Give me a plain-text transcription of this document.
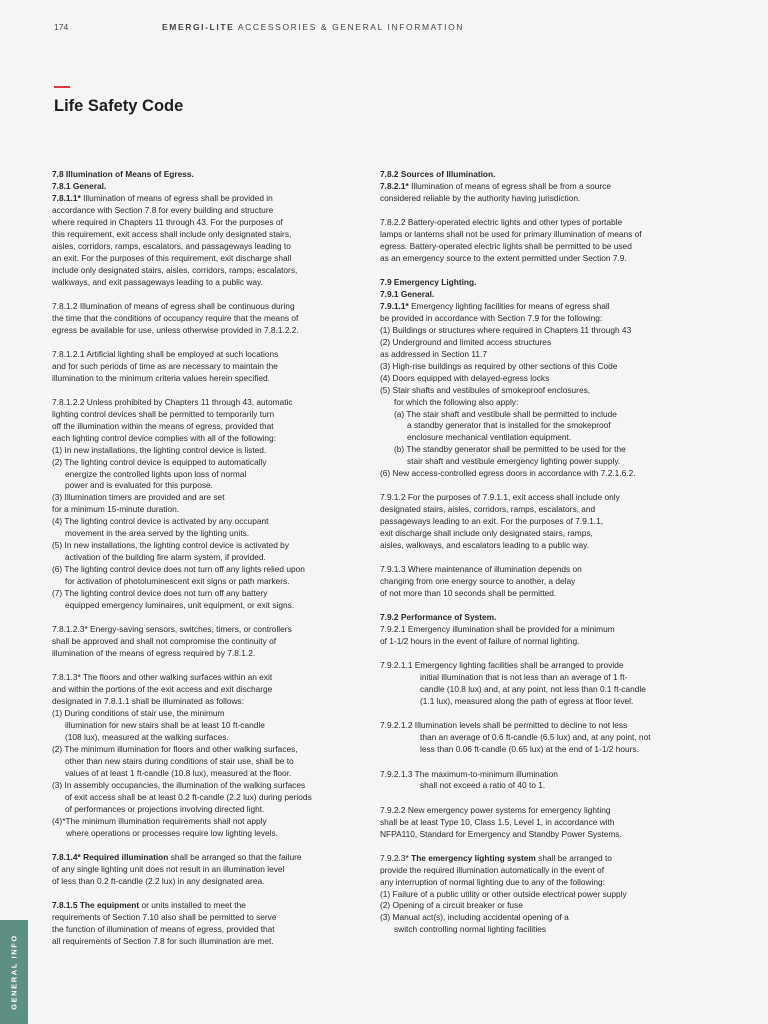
174	EMERGI-LITE ACCESSORIES & GENERAL INFORMATION
Life Safety Code
7.8 Illumination of Means of Egress.
7.8.1 General.
7.8.1.1* Illumination of means of egress shall be provided in
accordance with Section 7.8 for every building and structure
where required in Chapters 11 through 43. For the purposes of
this requirement, exit access shall include only designated stairs,
aisles, corridors, ramps, escalators, and passageways leading to
an exit. For the purposes of this requirement, exit discharge shall
include only designated stairs, aisles, corridors, ramps, escalators,
walkways, and exit passageways leading to a public way.
7.8.1.2 Illumination of means of egress shall be continuous during
the time that the conditions of occupancy require that the means of
egress be available for use, unless otherwise provided in 7.8.1.2.2.
7.8.1.2.1 Artificial lighting shall be employed at such locations
and for such periods of time as are necessary to maintain the
illumination to the minimum criteria values herein specified.
7.8.1.2.2 Unless prohibited by Chapters 11 through 43, automatic
lighting control devices shall be permitted to temporarily turn
off the illumination within the means of egress, provided that
each lighting control device complies with all of the following:
(1) In new installations, the lighting control device is listed.
(2) The lighting control device is equipped to automatically
energize the controlled lights upon loss of normal
power and is evaluated for this purpose.
(3) Illumination timers are provided and are set
for a minimum 15-minute duration.
(4) The lighting control device is activated by any occupant
movement in the area served by the lighting units.
(5) In new installations, the lighting control device is activated by
activation of the building fire alarm system, if provided.
(6) The lighting control device does not turn off any lights relied upon
for activation of photoluminescent exit signs or path markers.
(7) The lighting control device does not turn off any battery
equipped emergency luminaires, unit equipment, or exit signs.
7.8.1.2.3* Energy-saving sensors, switches, timers, or controllers
shall be approved and shall not compromise the continuity of
illumination of the means of egress required by 7.8.1.2.
7.8.1.3* The floors and other walking surfaces within an exit
and within the portions of the exit access and exit discharge
designated in 7.8.1.1 shall be illuminated as follows:
(1) During conditions of stair use, the minimum
illumination for new stairs shall be at least 10 ft-candle
(108 lux), measured at the walking surfaces.
(2) The minimum illumination for floors and other walking surfaces,
other than new stairs during conditions of stair use, shall be to
values of at least 1 ft-candle (10.8 lux), measured at the floor.
(3) In assembly occupancies, the illumination of the walking surfaces
of exit access shall be at least 0.2 ft-candle (2.2 lux) during periods
of performances or projections involving directed light.
(4)*The minimum illumination requirements shall not apply
where operations or processes require low lighting levels.
7.8.1.4* Required illumination shall be arranged so that the failure
of any single lighting unit does not result in an illumination level
of less than 0.2 ft-candle (2.2 lux) in any designated area.
7.8.1.5 The equipment or units installed to meet the
requirements of Section 7.10 also shall be permitted to serve
the function of illumination of means of egress, provided that
all requirements of Section 7.8 for such illumination are met.
7.8.2 Sources of Illumination.
7.8.2.1* Illumination of means of egress shall be from a source
considered reliable by the authority having jurisdiction.
7.8.2.2 Battery-operated electric lights and other types of portable
lamps or lanterns shall not be used for primary illumination of means of
egress. Battery-operated electric lights shall be permitted to be used
as an emergency source to the extent permitted under Section 7.9.
7.9 Emergency Lighting.
7.9.1 General.
7.9.1.1* Emergency lighting facilities for means of egress shall
be provided in accordance with Section 7.9 for the following:
(1) Buildings or structures where required in Chapters 11 through 43
(2) Underground and limited access structures
as addressed in Section 11.7
(3) High-rise buildings as required by other sections of this Code
(4) Doors equipped with delayed-egress locks
(5) Stair shafts and vestibules of smokeproof enclosures,
for which the following also apply:
(a) The stair shaft and vestibule shall be permitted to include
a standby generator that is installed for the smokeproof
enclosure mechanical ventilation equipment.
(b) The standby generator shall be permitted to be used for the
stair shaft and vestibule emergency lighting power supply.
(6) New access-controlled egress doors in accordance with 7.2.1.6.2.
7.9.1.2 For the purposes of 7.9.1.1, exit access shall include only
designated stairs, aisles, corridors, ramps, escalators, and
passageways leading to an exit. For the purposes of 7.9.1.1,
exit discharge shall include only designated stairs, ramps,
aisles, walkways, and escalators leading to a public way.
7.9.1.3 Where maintenance of illumination depends on
changing from one energy source to another, a delay
of not more than 10 seconds shall be permitted.
7.9.2 Performance of System.
7.9.2.1 Emergency illumination shall be provided for a minimum
of 1-1/2 hours in the event of failure of normal lighting.
7.9.2.1.1 Emergency lighting facilities shall be arranged to provide
initial illumination that is not less than an average of 1 ft-
candle (10.8 lux) and, at any point, not less than 0.1 ft-candle
(1.1 lux), measured along the path of egress at floor level.
7.9.2.1.2 Illumination levels shall be permitted to decline to not less
than an average of 0.6 ft-candle (6.5 lux) and, at any point, not
less than 0.06 ft-candle (0.65 lux) at the end of 1-1/2 hours.
7.9.2.1.3 The maximum-to-minimum illumination
shall not exceed a ratio of 40 to 1.
7.9.2.2 New emergency power systems for emergency lighting
shall be at least Type 10, Class 1.5, Level 1, in accordance with
NFPA110, Standard for Emergency and Standby Power Systems.
7.9.2.3* The emergency lighting system shall be arranged to
provide the required illumination automatically in the event of
any interruption of normal lighting due to any of the following:
(1) Failure of a public utility or other outside electrical power supply
(2) Opening of a circuit breaker or fuse
(3) Manual act(s), including accidental opening of a
switch controlling normal lighting facilities
GENERAL INFO
